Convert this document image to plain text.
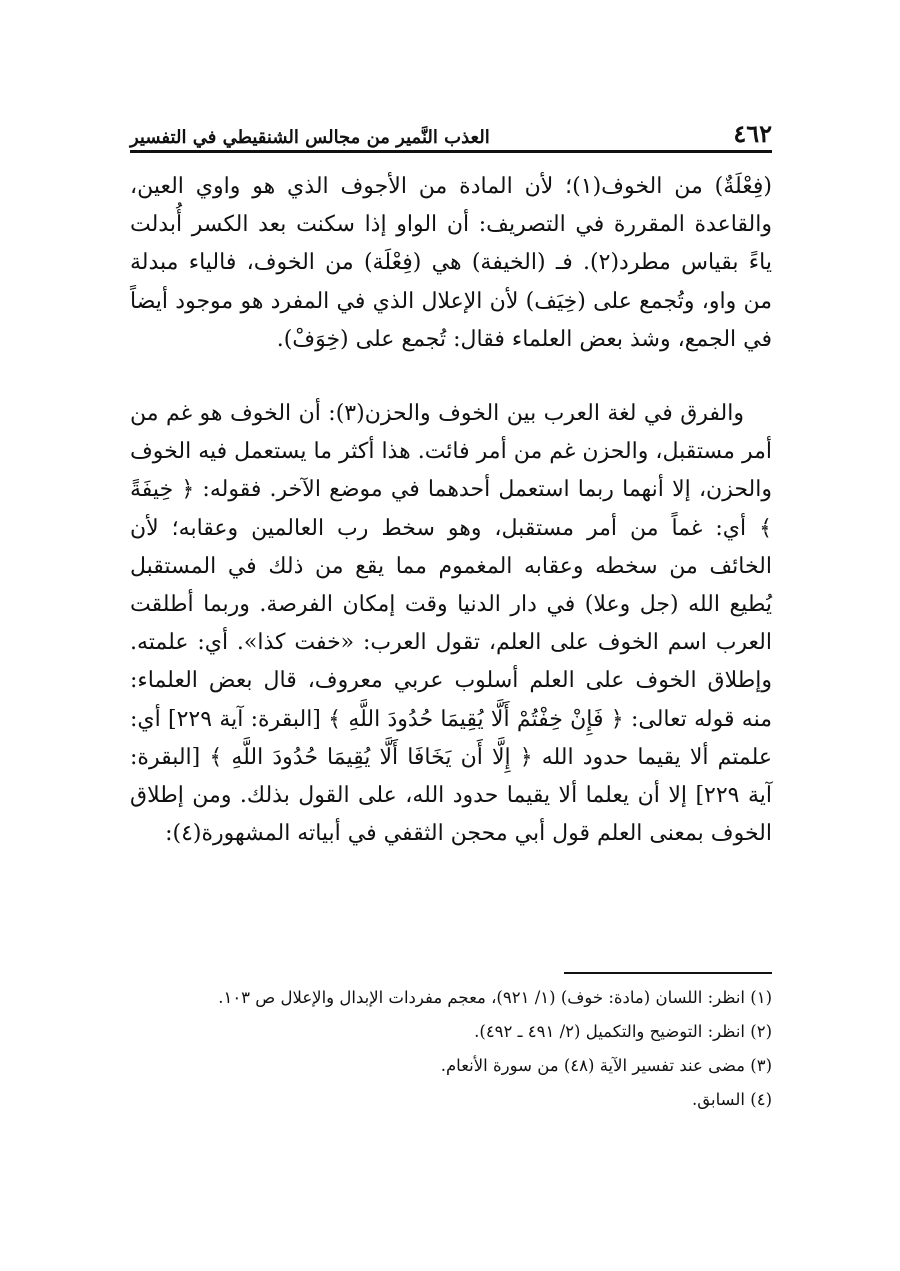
٤٦٢
العذب النَّمير من مجالس الشنقيطي في التفسير

(فِعْلَةٌ) من الخوف(١)؛ لأن المادة من الأجوف الذي هو واوي العين، والقاعدة المقررة في التصريف: أن الواو إذا سكنت بعد الكسر أُبدلت ياءً بقياس مطرد(٢). فـ (الخيفة) هي (فِعْلَة) من الخوف، فالياء مبدلة من واو، وتُجمع على (خِيَف) لأن الإعلال الذي في المفرد هو موجود أيضاً في الجمع، وشذ بعض العلماء فقال: تُجمع على (خِوَفْ).

والفرق في لغة العرب بين الخوف والحزن(٣): أن الخوف هو غم من أمر مستقبل، والحزن غم من أمر فائت. هذا أكثر ما يستعمل فيه الخوف والحزن، إلا أنهما ربما استعمل أحدهما في موضع الآخر. فقوله: ﴿ خِيفَةً ﴾ أي: غماً من أمر مستقبل، وهو سخط رب العالمين وعقابه؛ لأن الخائف من سخطه وعقابه المغموم مما يقع من ذلك في المستقبل يُطيع الله (جل وعلا) في دار الدنيا وقت إمكان الفرصة. وربما أطلقت العرب اسم الخوف على العلم، تقول العرب: «خفت كذا». أي: علمته. وإطلاق الخوف على العلم أسلوب عربي معروف، قال بعض العلماء: منه قوله تعالى: ﴿ فَإِنْ خِفْتُمْ أَلَّا يُقِيمَا حُدُودَ اللَّهِ ﴾ [البقرة: آية ٢٢٩] أي: علمتم ألا يقيما حدود الله ﴿ إِلَّا أَن يَخَافَا أَلَّا يُقِيمَا حُدُودَ اللَّهِ ﴾ [البقرة: آية ٢٢٩] إلا أن يعلما ألا يقيما حدود الله، على القول بذلك. ومن إطلاق الخوف بمعنى العلم قول أبي محجن الثقفي في أبياته المشهورة(٤):

(١) انظر: اللسان (مادة: خوف) (١/ ٩٢١)، معجم مفردات الإبدال والإعلال ص ١٠٣.

(٢) انظر: التوضيح والتكميل (٢/ ٤٩١ ـ ٤٩٢).

(٣) مضى عند تفسير الآية (٤٨) من سورة الأنعام.

(٤) السابق.
